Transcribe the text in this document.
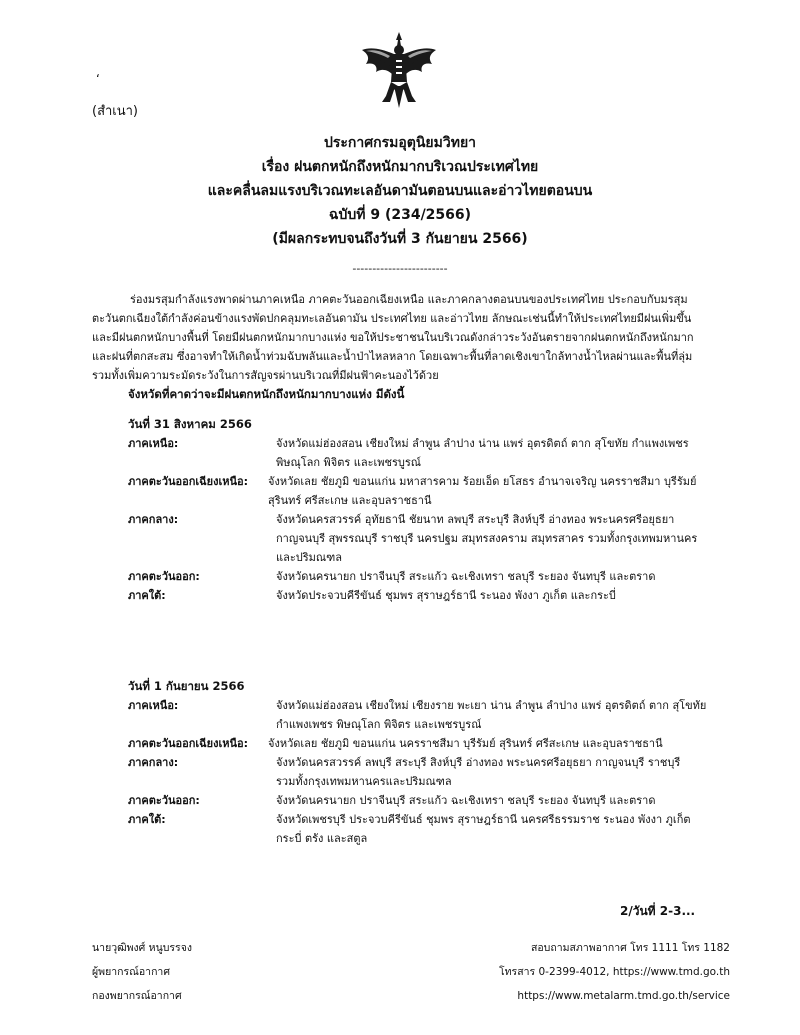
‘
(สำเนา)

ประกาศกรมอุตุนิยมวิทยา

เรื่อง ฝนตกหนักถึงหนักมากบริเวณประเทศไทย

และคลื่นลมแรงบริเวณทะเลอันดามันตอนบนและอ่าวไทยตอนบน

ฉบับที่ 9 (234/2566)

(มีผลกระทบจนถึงวันที่ 3 กันยายน 2566)

------------------------
ร่องมรสุมกำลังแรงพาดผ่านภาคเหนือ ภาคตะวันออกเฉียงเหนือ และภาคกลางตอนบนของประเทศไทย ประกอบกับมรสุม
ตะวันตกเฉียงใต้กำลังค่อนข้างแรงพัดปกคลุมทะเลอันดามัน ประเทศไทย และอ่าวไทย ลักษณะเช่นนี้ทำให้ประเทศไทยมีฝนเพิ่มขึ้น
และมีฝนตกหนักบางพื้นที่ โดยมีฝนตกหนักมากบางแห่ง ขอให้ประชาชนในบริเวณดังกล่าวระวังอันตรายจากฝนตกหนักถึงหนักมาก
และฝนที่ตกสะสม ซึ่งอาจทำให้เกิดน้ำท่วมฉับพลันและน้ำป่าไหลหลาก โดยเฉพาะพื้นที่ลาดเชิงเขาใกล้ทางน้ำไหลผ่านและพื้นที่ลุ่ม
รวมทั้งเพิ่มความระมัดระวังในการสัญจรผ่านบริเวณที่มีฝนฟ้าคะนองไว้ด้วย
จังหวัดที่คาดว่าจะมีฝนตกหนักถึงหนักมากบางแห่ง มีดังนี้
วันที่ 31 สิงหาคม 2566
ภาคเหนือ:	จังหวัดแม่ฮ่องสอน เชียงใหม่ ลำพูน ลำปาง น่าน แพร่ อุตรดิตถ์ ตาก สุโขทัย กำแพงเพชร
พิษณุโลก พิจิตร และเพชรบูรณ์
ภาคตะวันออกเฉียงเหนือ:	จังหวัดเลย ชัยภูมิ ขอนแก่น มหาสารคาม ร้อยเอ็ด ยโสธร อำนาจเจริญ นครราชสีมา บุรีรัมย์
สุรินทร์ ศรีสะเกษ และอุบลราชธานี
ภาคกลาง:	จังหวัดนครสวรรค์ อุทัยธานี ชัยนาท ลพบุรี สระบุรี สิงห์บุรี อ่างทอง พระนครศรีอยุธยา
กาญจนบุรี สุพรรณบุรี ราชบุรี นครปฐม สมุทรสงคราม สมุทรสาคร รวมทั้งกรุงเทพมหานคร
และปริมณฑล
ภาคตะวันออก:	จังหวัดนครนายก ปราจีนบุรี สระแก้ว ฉะเชิงเทรา ชลบุรี ระยอง จันทบุรี และตราด
ภาคใต้:	จังหวัดประจวบคีรีขันธ์ ชุมพร สุราษฎร์ธานี ระนอง พังงา ภูเก็ต และกระบี่
วันที่ 1 กันยายน 2566
ภาคเหนือ:	จังหวัดแม่ฮ่องสอน เชียงใหม่ เชียงราย พะเยา น่าน ลำพูน ลำปาง แพร่ อุตรดิตถ์ ตาก สุโขทัย
กำแพงเพชร พิษณุโลก พิจิตร และเพชรบูรณ์
ภาคตะวันออกเฉียงเหนือ:	จังหวัดเลย ชัยภูมิ ขอนแก่น นครราชสีมา บุรีรัมย์ สุรินทร์ ศรีสะเกษ และอุบลราชธานี
ภาคกลาง:	จังหวัดนครสวรรค์ ลพบุรี สระบุรี สิงห์บุรี อ่างทอง พระนครศรีอยุธยา กาญจนบุรี ราชบุรี
รวมทั้งกรุงเทพมหานครและปริมณฑล
ภาคตะวันออก:	จังหวัดนครนายก ปราจีนบุรี สระแก้ว ฉะเชิงเทรา ชลบุรี ระยอง จันทบุรี และตราด
ภาคใต้:	จังหวัดเพชรบุรี ประจวบคีรีขันธ์ ชุมพร สุราษฎร์ธานี นครศรีธรรมราช ระนอง พังงา ภูเก็ต
กระบี่ ตรัง และสตูล
2/วันที่ 2-3...
นายวุฒิพงศ์ หนูบรรจง
ผู้พยากรณ์อากาศ
กองพยากรณ์อากาศ
สอบถามสภาพอากาศ โทร 1111 โทร 1182
โทรสาร 0-2399-4012, https://www.tmd.go.th
https://www.metalarm.tmd.go.th/service
